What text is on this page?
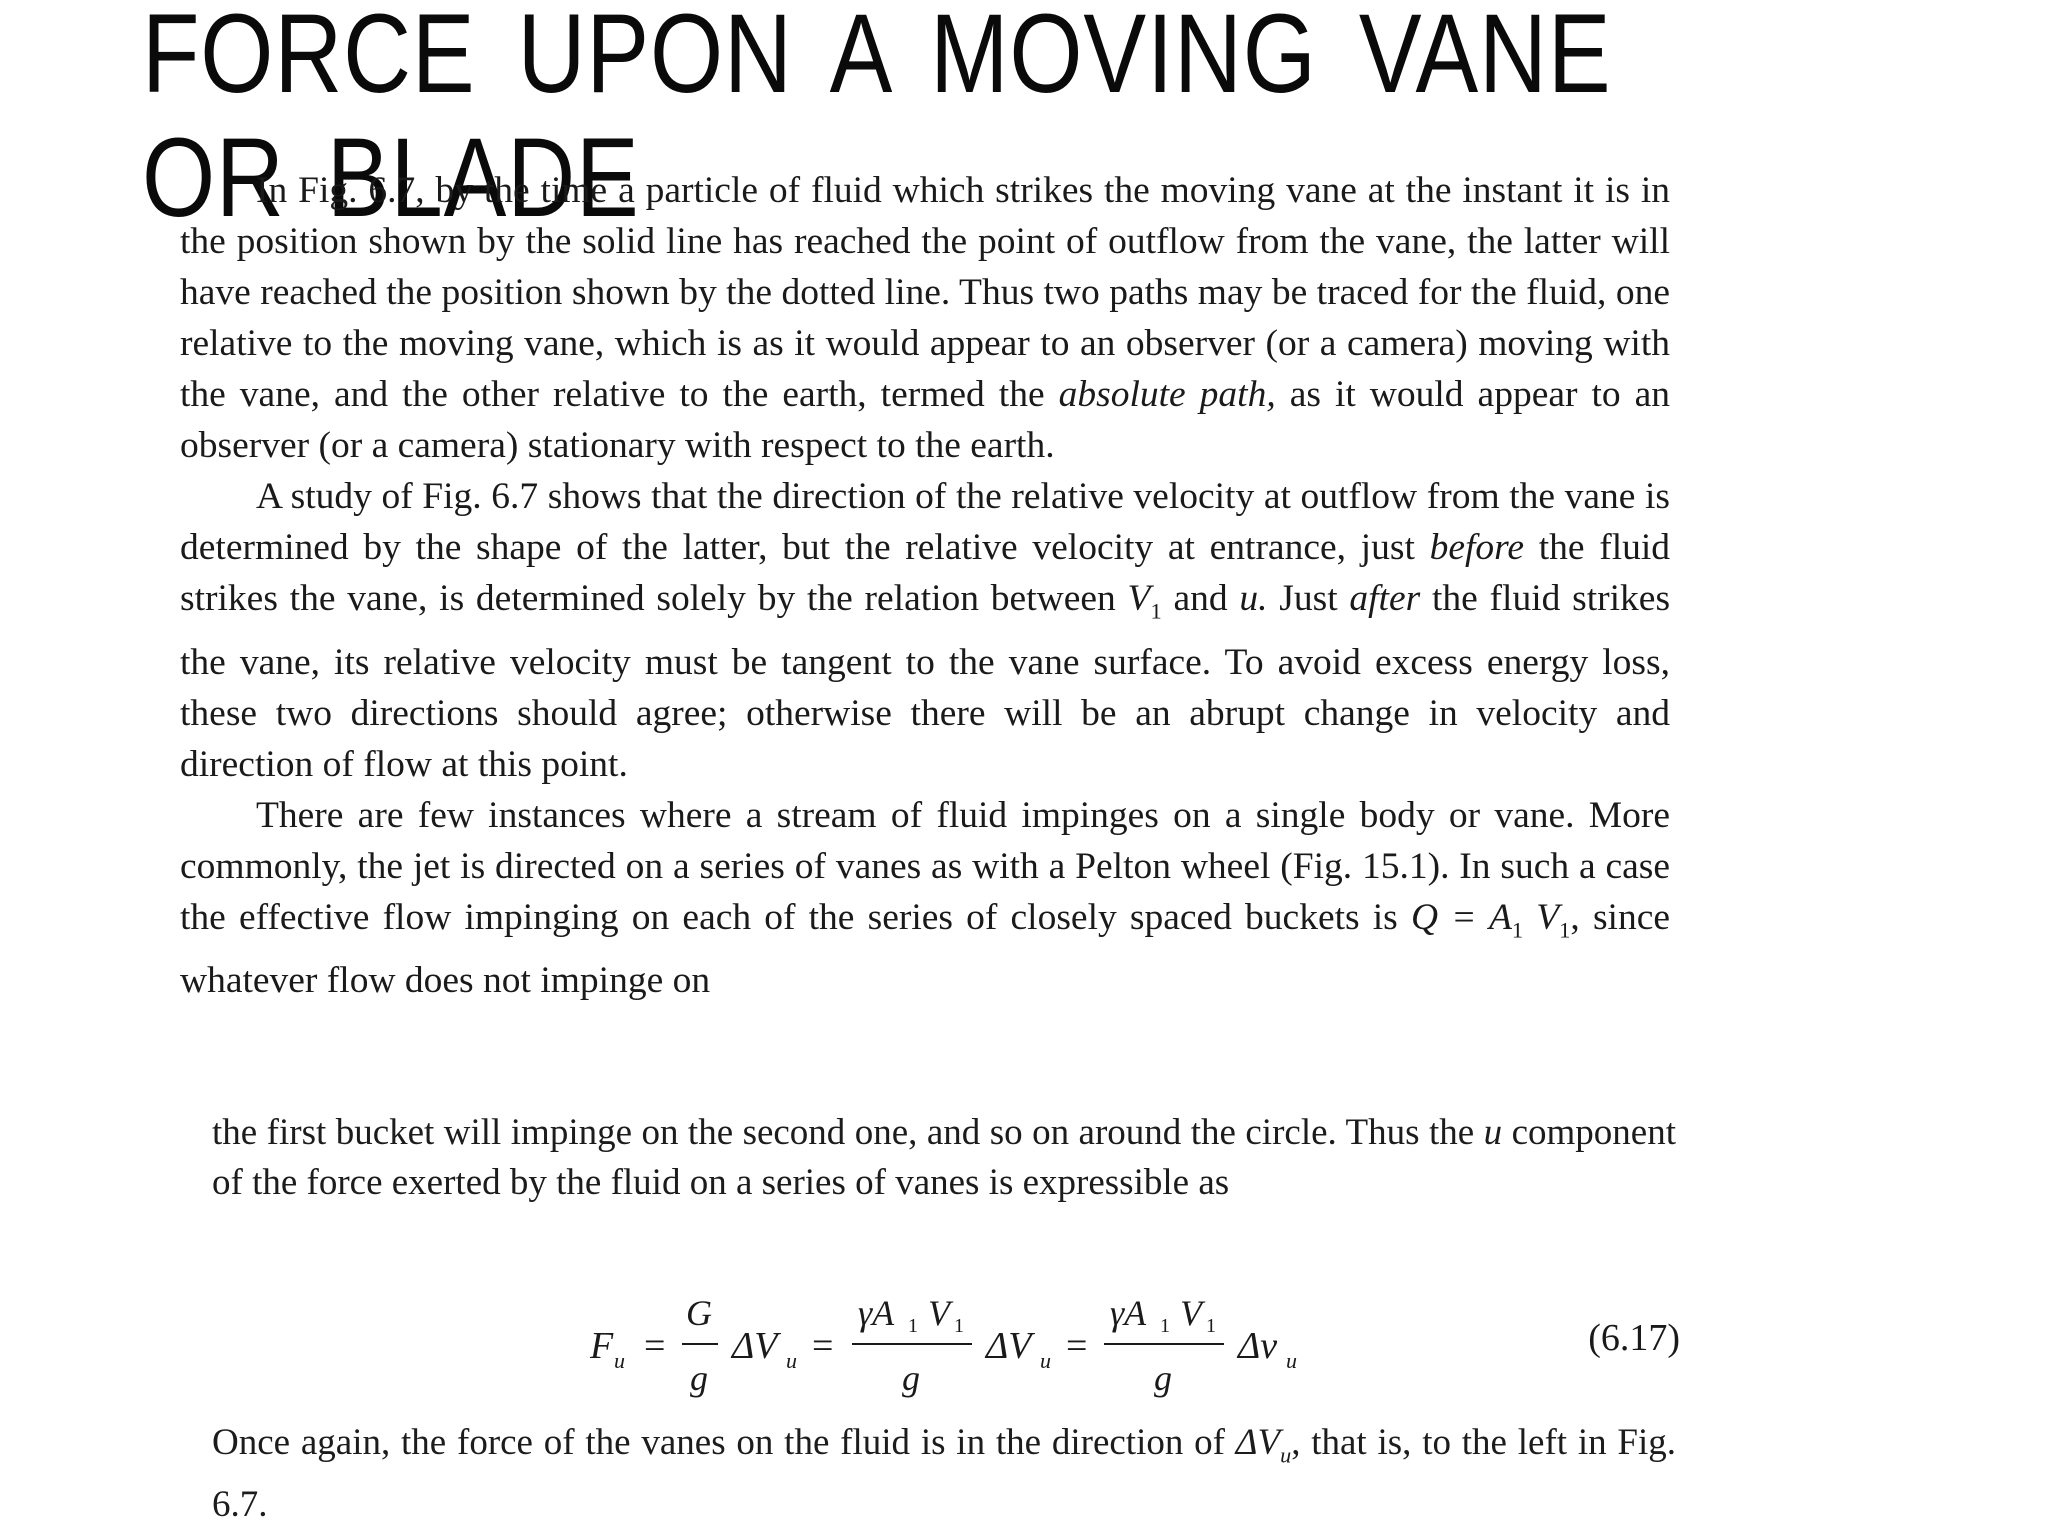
FORCE UPON A MOVING VANE OR BLADE

In Fig. 6.7, by the time a particle of fluid which strikes the moving vane at the instant it is in the position shown by the solid line has reached the point of outflow from the vane, the latter will have reached the position shown by the dotted line. Thus two paths may be traced for the fluid, one relative to the moving vane, which is as it would appear to an observer (or a camera) moving with the vane, and the other relative to the earth, termed the absolute path, as it would appear to an observer (or a camera) stationary with respect to the earth.

A study of Fig. 6.7 shows that the direction of the relative velocity at outflow from the vane is determined by the shape of the latter, but the relative velocity at entrance, just before the fluid strikes the vane, is determined solely by the relation between $V_1$ and u. Just after the fluid strikes the vane, its relative velocity must be tangent to the vane surface. To avoid excess energy loss, these two directions should agree; otherwise there will be an abrupt change in velocity and direction of flow at this point.

There are few instances where a stream of fluid impinges on a single body or vane. More commonly, the jet is directed on a series of vanes as with a Pelton wheel (Fig. 15.1). In such a case the effective flow impinging on each of the series of closely spaced buckets is $Q = A_1$ $V_1$, since whatever flow does not impinge on

the first bucket will impinge on the second one, and so on around the circle. Thus the u component of the force exerted by the fluid on a series of vanes is expressible as

F u =
G
g
ΔV u =
γA 1 V 1
g
ΔV u =
γA 1 V 1
g
Δv u
(6.17)

Once again, the force of the vanes on the fluid is in the direction of $\Delta V_u$, that is, to the left in Fig. 6.7.
